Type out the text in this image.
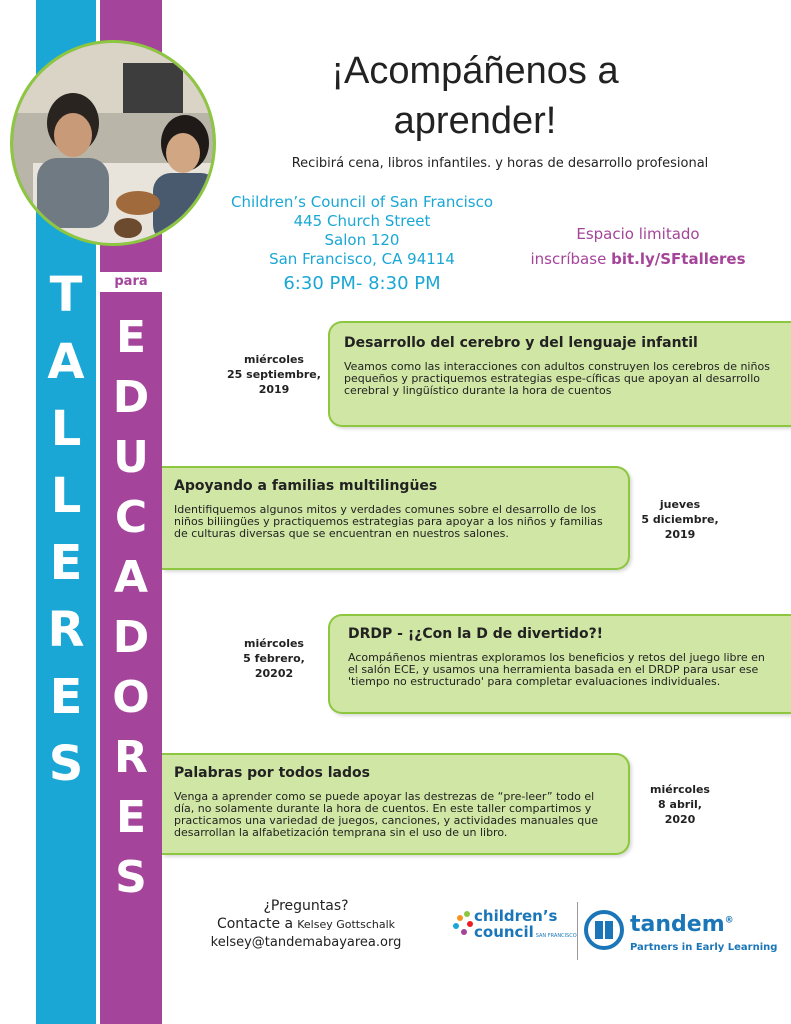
T
A
L
L
E
R
E
S
para
E
D
U
C
A
D
O
R
E
S
¡Acompáñenos a
aprender!
Recibirá cena, libros infantiles. y horas de desarrollo profesional
Children’s Council of San Francisco
445 Church Street
Salon 120
San Francisco, CA 94114
6:30 PM- 8:30 PM
Espacio limitado
inscríbase bit.ly/SFtalleres
Desarrollo del cerebro y del lenguaje infantil

Veamos como las interacciones con adultos construyen los cerebros de niños pequeños y practiquemos estrategias espe-cíficas que apoyan al desarrollo cerebral y lingüístico durante la hora de cuentos

miércoles
25 septiembre,
2019
Apoyando a familias multilingües

Identifiquemos algunos mitos y verdades comunes sobre el desarrollo de los niños biliingües y practiquemos estrategias para apoyar a los niños y familias de culturas diversas que se encuentran en nuestros salones.

jueves
5 diciembre,
2019
DRDP - ¡¿Con la D de divertido?!

Acompáñenos mientras exploramos los beneficios y retos del juego libre en el salón ECE, y usamos una herramienta basada en el DRDP para usar ese 'tiempo no estructurado' para completar evaluaciones individuales.

miércoles
5 febrero,
20202
Palabras por todos lados

Venga a aprender como se puede apoyar las destrezas de “pre-leer” todo el día, no solamente durante la hora de cuentos. En este taller compartimos y practicamos una variedad de juegos, canciones, y actividades manuales que desarrollan la alfabetización temprana sin el uso de un libro.

miércoles
8 abril,
2020
¿Preguntas?
Contacte a Kelsey Gottschalk
kelsey@tandemabayarea.org
children’s
council SAN FRANCISCO tandem®
Partners in Early Learning
